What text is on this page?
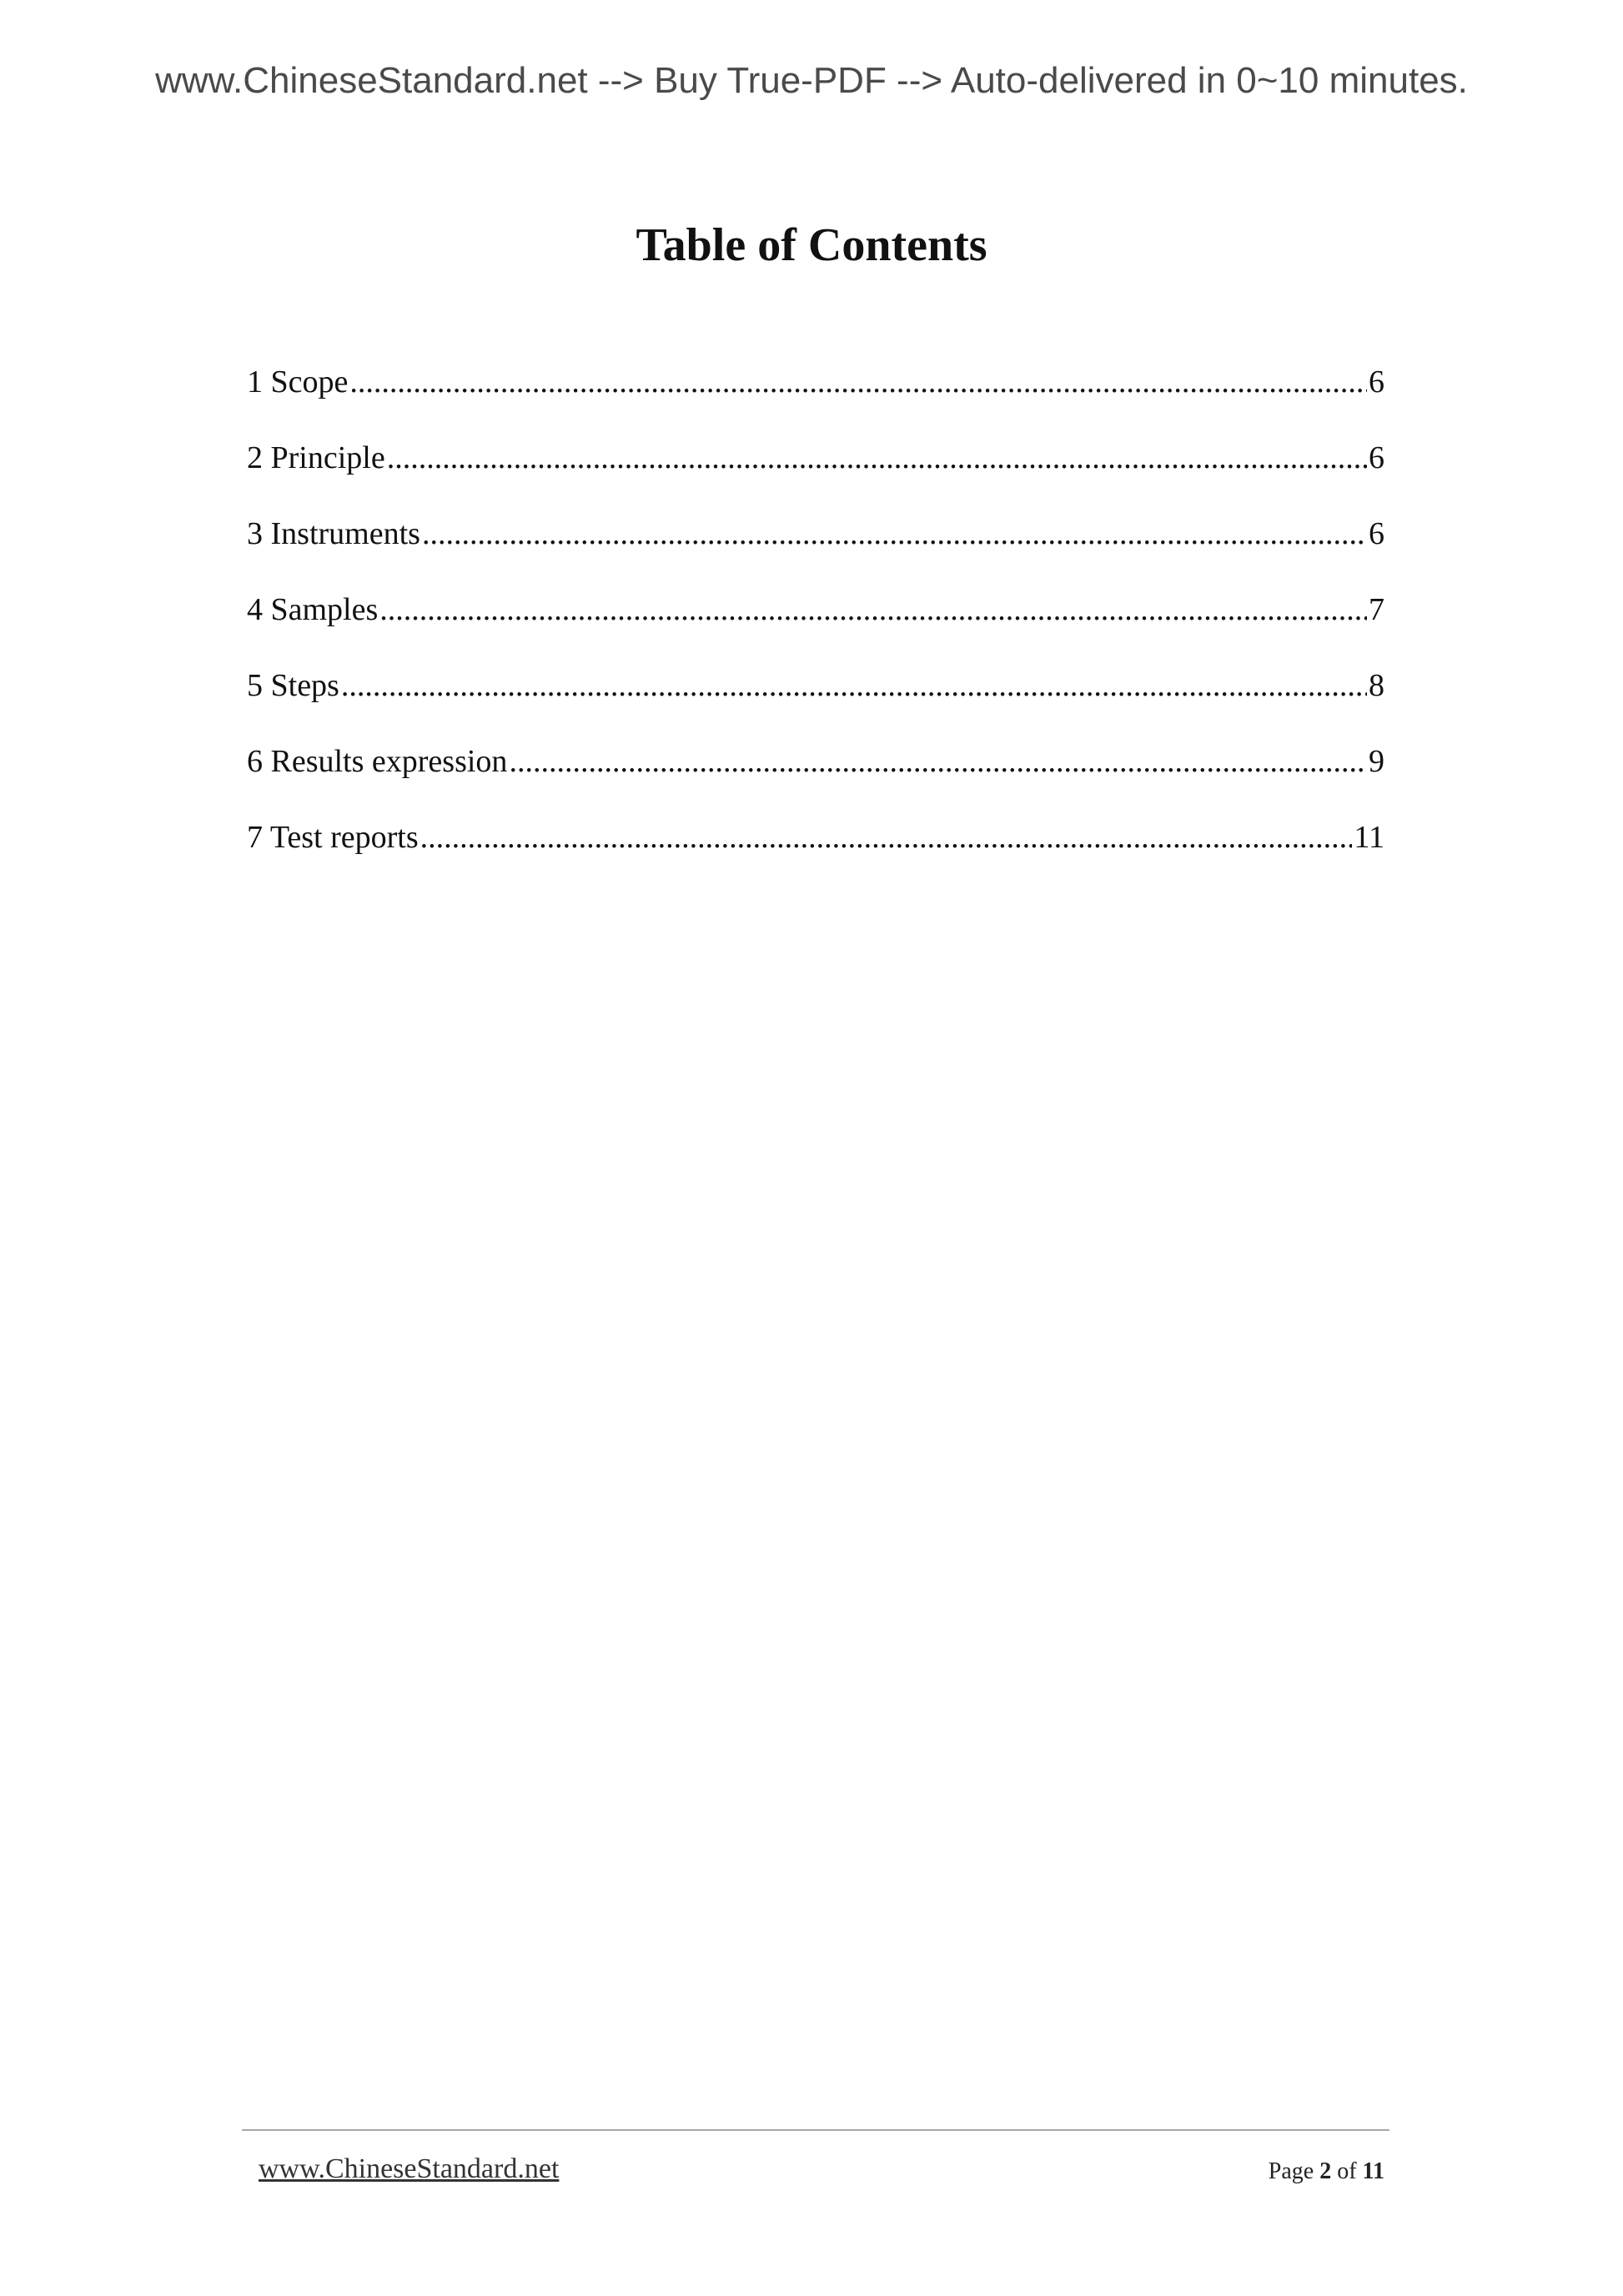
www.ChineseStandard.net --> Buy True-PDF --> Auto-delivered in 0~10 minutes.
Table of Contents
1 Scope .....	6
2 Principle .....	6
3 Instruments .....	6
4 Samples .....	7
5 Steps .....	8
6 Results expression .....	9
7 Test reports .....	11
www.ChineseStandard.net	Page 2 of 11
